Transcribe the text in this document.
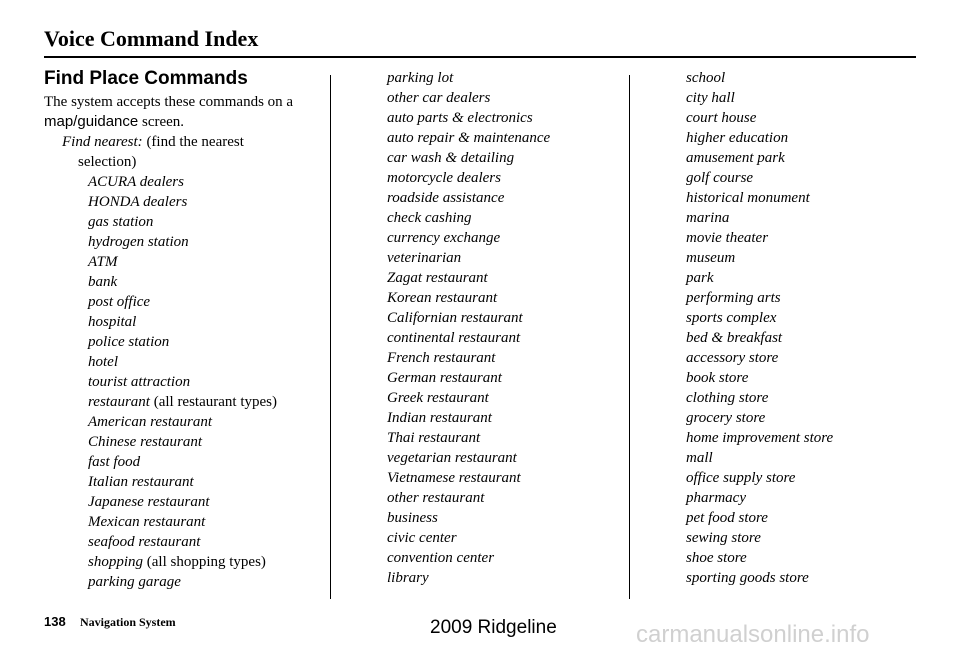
Voice Command Index
Find Place Commands
The system accepts these commands on a map/guidance screen.
Find nearest: (find the nearest
selection)
ACURA dealers
HONDA dealers
gas station
hydrogen station
ATM
bank
post office
hospital
police station
hotel
tourist attraction
restaurant (all restaurant types)
American restaurant
Chinese restaurant
fast food
Italian restaurant
Japanese restaurant
Mexican restaurant
seafood restaurant
shopping (all shopping types)
parking garage
parking lot
other car dealers
auto parts & electronics
auto repair & maintenance
car wash & detailing
motorcycle dealers
roadside assistance
check cashing
currency exchange
veterinarian
Zagat restaurant
Korean restaurant
Californian restaurant
continental restaurant
French restaurant
German restaurant
Greek restaurant
Indian restaurant
Thai restaurant
vegetarian restaurant
Vietnamese restaurant
other restaurant
business
civic center
convention center
library
school
city hall
court house
higher education
amusement park
golf course
historical monument
marina
movie theater
museum
park
performing arts
sports complex
bed & breakfast
accessory store
book store
clothing store
grocery store
home improvement store
mall
office supply store
pharmacy
pet food store
sewing store
shoe store
sporting goods store
138 Navigation System	2009 Ridgeline	carmanualsonline.info
